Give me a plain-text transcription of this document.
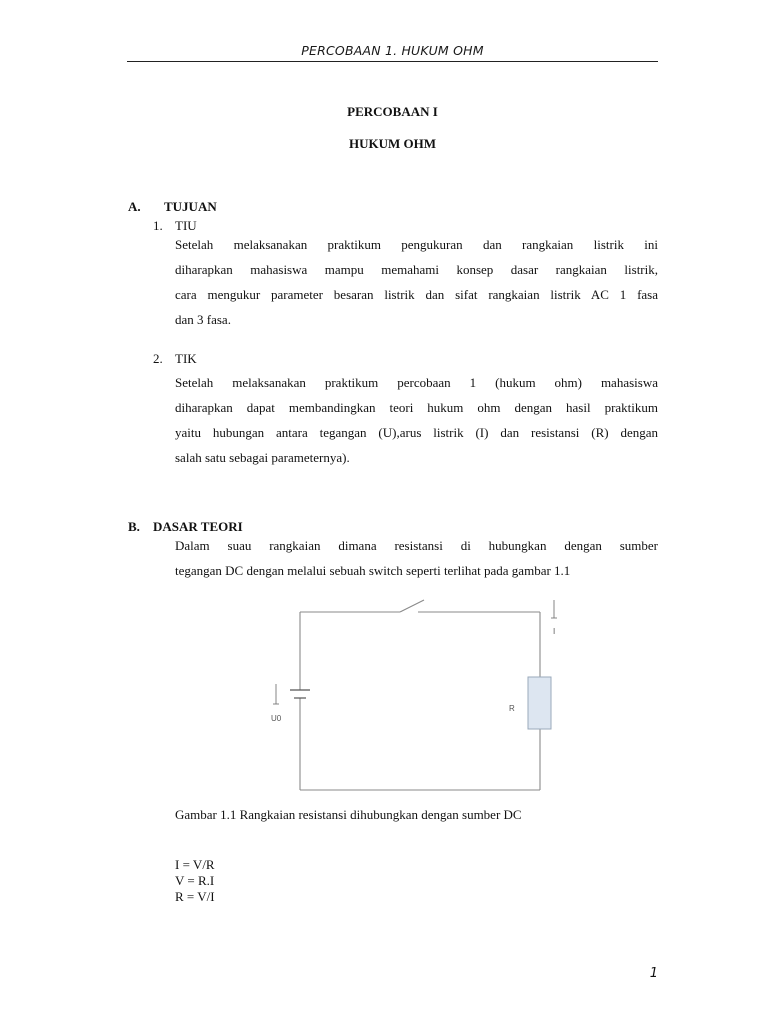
PERCOBAAN 1. HUKUM OHM
PERCOBAAN I
HUKUM OHM
A. TUJUAN
1. TIU
Setelah melaksanakan praktikum pengukuran dan rangkaian listrik ini
diharapkan mahasiswa mampu memahami konsep dasar rangkaian listrik,
cara mengukur parameter besaran listrik dan sifat rangkaian listrik AC 1 fasa
dan 3 fasa.
2. TIK
Setelah melaksanakan praktikum percobaan 1 (hukum ohm) mahasiswa
diharapkan dapat membandingkan teori hukum ohm dengan hasil praktikum
yaitu hubungan antara tegangan (U),arus listrik (I) dan resistansi (R) dengan
salah satu sebagai parameternya).
B. DASAR TEORI
Dalam suau rangkaian dimana resistansi di hubungkan dengan sumber
tegangan DC dengan melalui sebuah switch seperti terlihat pada gambar 1.1
U0
I
R
Gambar 1.1 Rangkaian resistansi dihubungkan dengan sumber DC
I = V/R
V = R.I
R = V/I
1
